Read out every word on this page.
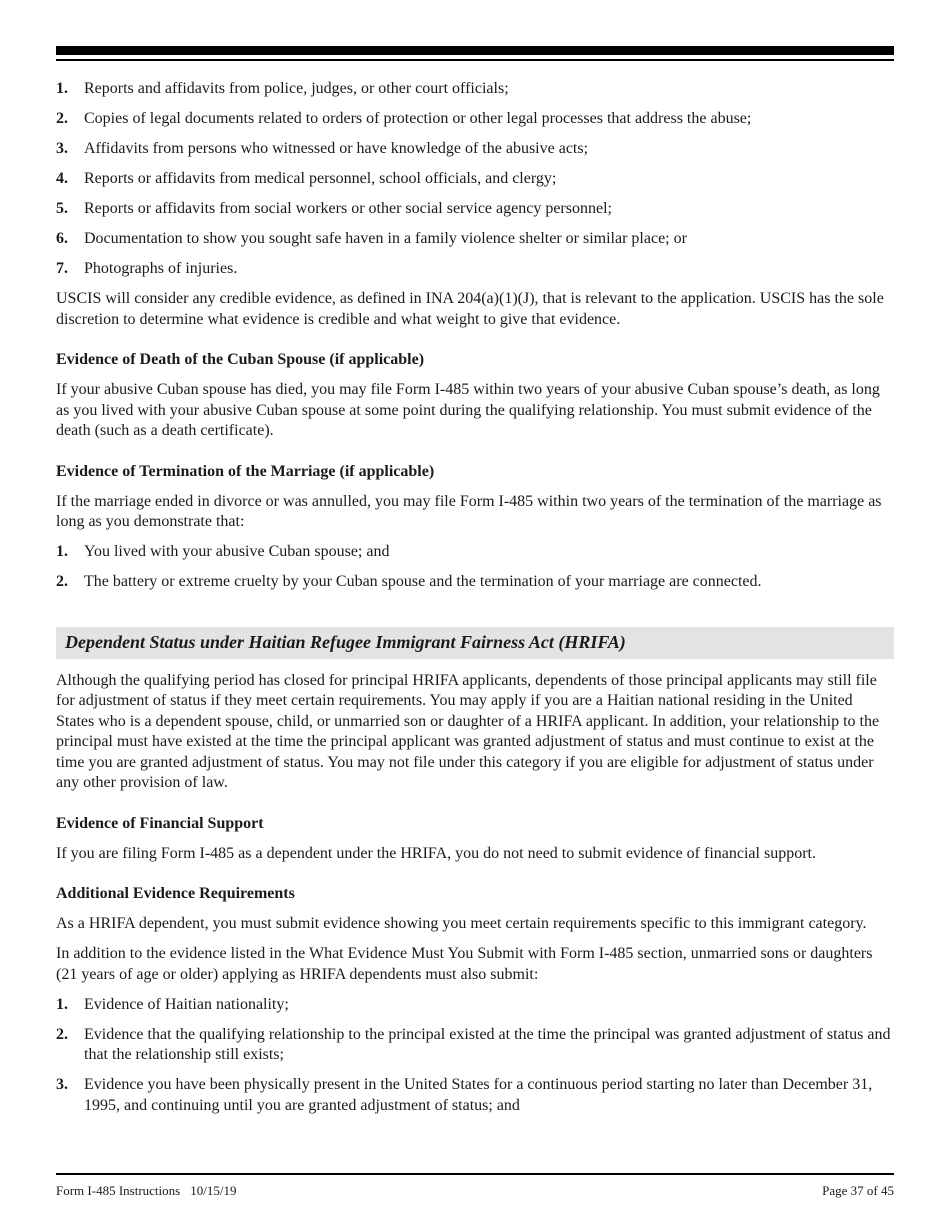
1.	Reports and affidavits from police, judges, or other court officials;
2.	Copies of legal documents related to orders of protection or other legal processes that address the abuse;
3.	Affidavits from persons who witnessed or have knowledge of the abusive acts;
4.	Reports or affidavits from medical personnel, school officials, and clergy;
5.	Reports or affidavits from social workers or other social service agency personnel;
6.	Documentation to show you sought safe haven in a family violence shelter or similar place; or
7.	Photographs of injuries.

USCIS will consider any credible evidence, as defined in INA 204(a)(1)(J), that is relevant to the application. USCIS has the sole discretion to determine what evidence is credible and what weight to give that evidence.

Evidence of Death of the Cuban Spouse (if applicable)

If your abusive Cuban spouse has died, you may file Form I-485 within two years of your abusive Cuban spouse’s death, as long as you lived with your abusive Cuban spouse at some point during the qualifying relationship. You must submit evidence of the death (such as a death certificate).

Evidence of Termination of the Marriage (if applicable)

If the marriage ended in divorce or was annulled, you may file Form I-485 within two years of the termination of the marriage as long as you demonstrate that:

1.	You lived with your abusive Cuban spouse; and
2.	The battery or extreme cruelty by your Cuban spouse and the termination of your marriage are connected.
Dependent Status under Haitian Refugee Immigrant Fairness Act (HRIFA)

Although the qualifying period has closed for principal HRIFA applicants, dependents of those principal applicants may still file for adjustment of status if they meet certain requirements. You may apply if you are a Haitian national residing in the United States who is a dependent spouse, child, or unmarried son or daughter of a HRIFA applicant. In addition, your relationship to the principal must have existed at the time the principal applicant was granted adjustment of status and must continue to exist at the time you are granted adjustment of status. You may not file under this category if you are eligible for adjustment of status under any other provision of law.

Evidence of Financial Support

If you are filing Form I-485 as a dependent under the HRIFA, you do not need to submit evidence of financial support.

Additional Evidence Requirements

As a HRIFA dependent, you must submit evidence showing you meet certain requirements specific to this immigrant category.

In addition to the evidence listed in the What Evidence Must You Submit with Form I-485 section, unmarried sons or daughters (21 years of age or older) applying as HRIFA dependents must also submit:

1.	Evidence of Haitian nationality;
2.	Evidence that the qualifying relationship to the principal existed at the time the principal was granted adjustment of status and that the relationship still exists;
3.	Evidence you have been physically present in the United States for a continuous period starting no later than December 31, 1995, and continuing until you are granted adjustment of status; and
Form I-485 Instructions 10/15/19	Page 37 of 45
